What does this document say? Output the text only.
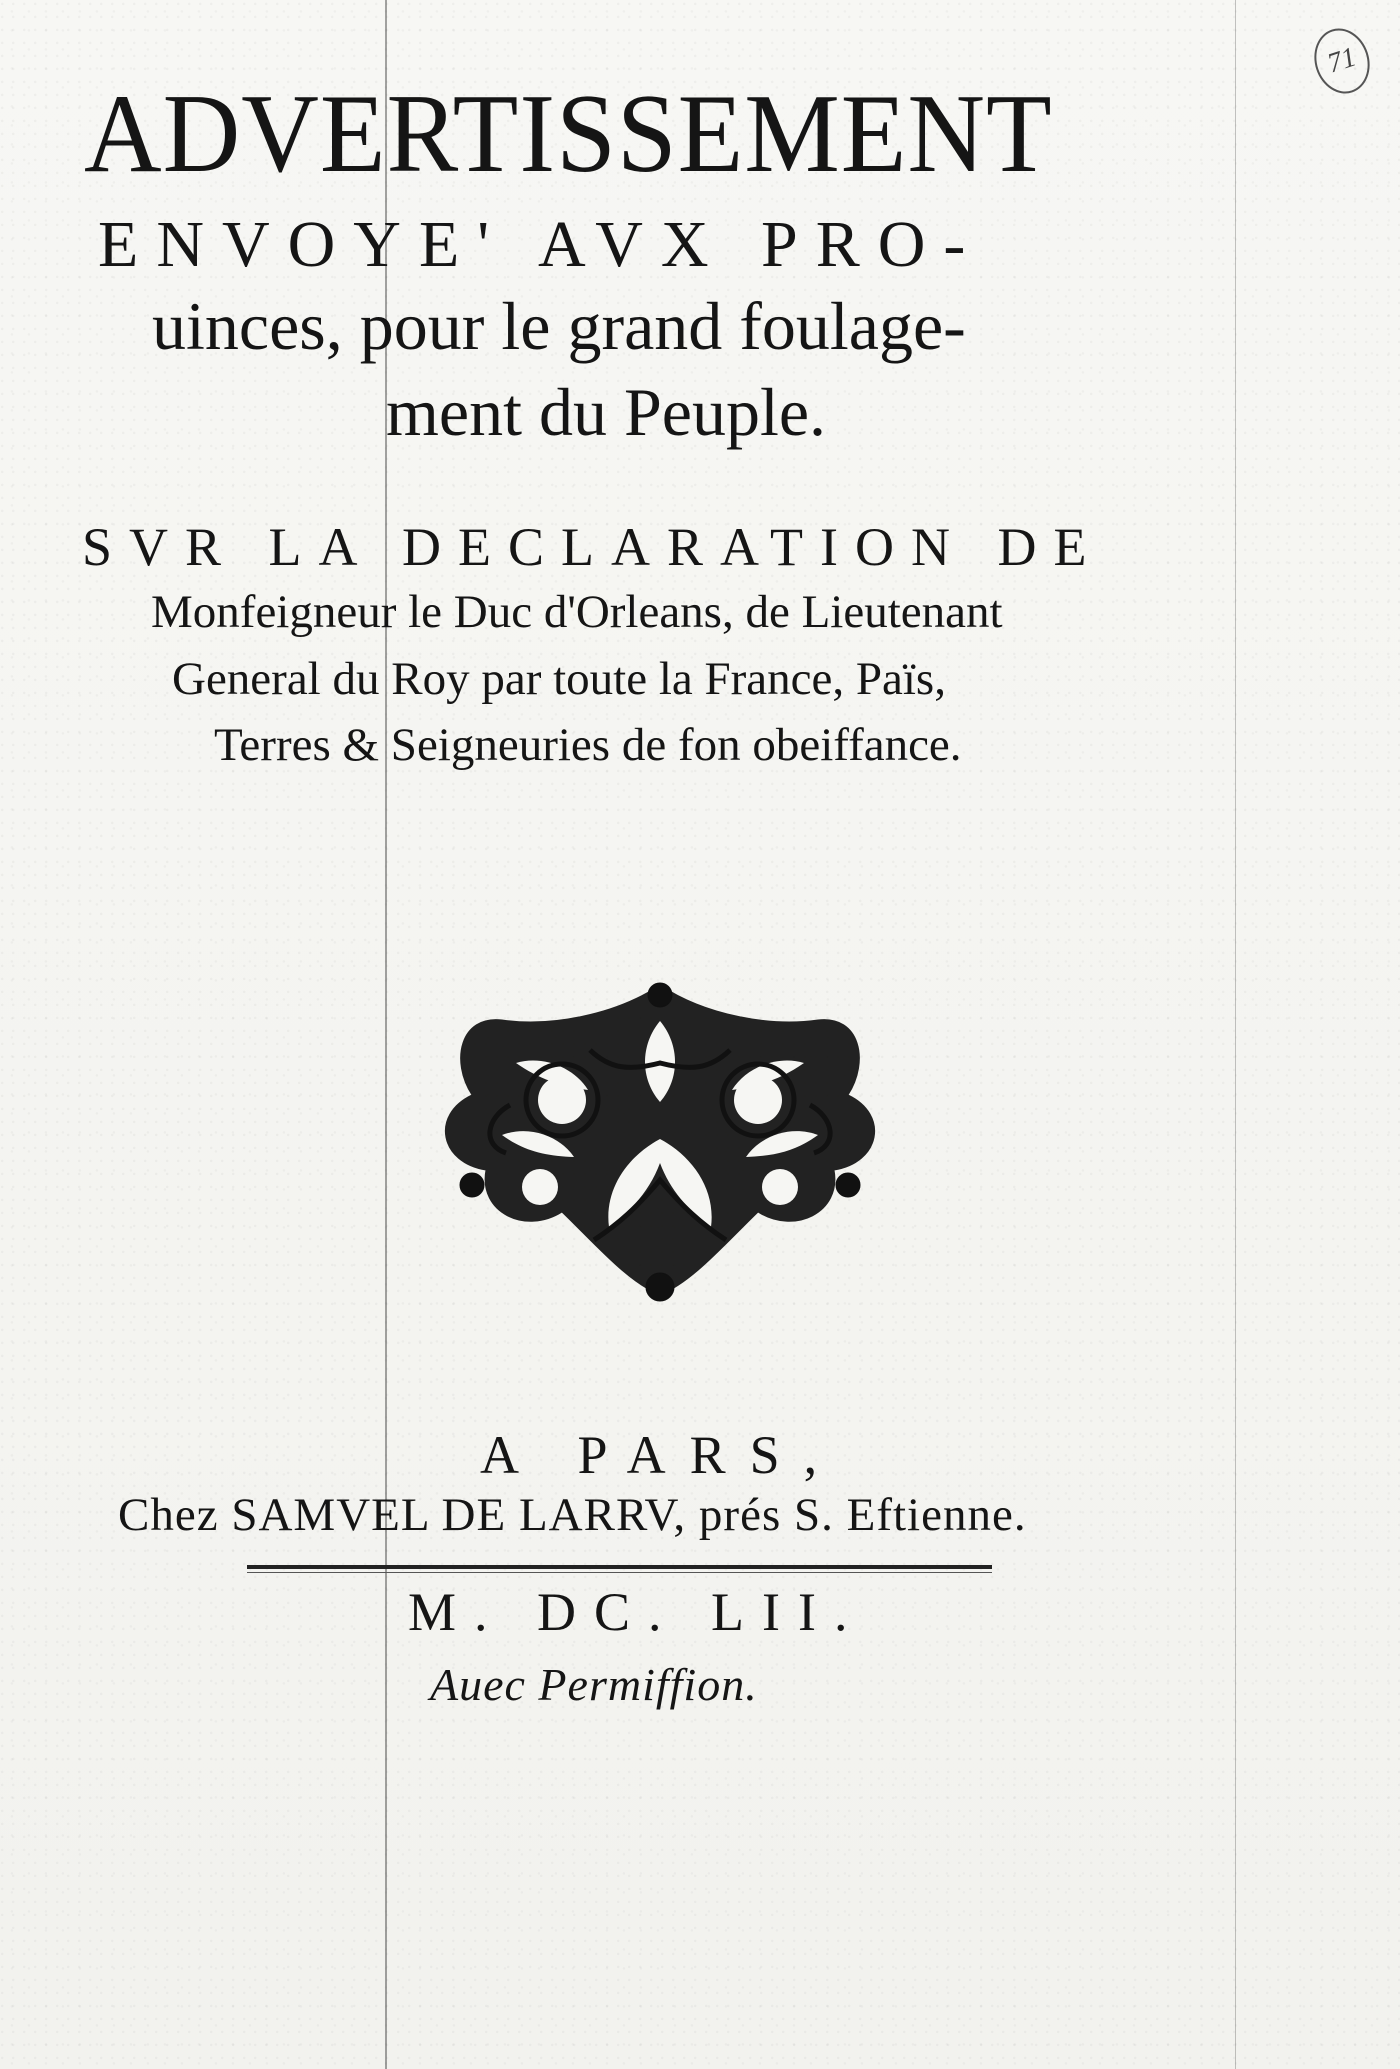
71
ADVERTISSEMENT
ENVOYE' AVX PRO-
uinces, pour le grand foulage-
ment du Peuple.
SVR LA DECLARATION DE
Monfeigneur le Duc d'Orleans, de Lieutenant
General du Roy par toute la France, Païs,
Terres & Seigneuries de fon obeiffance.
A PARS,
Chez SAMVEL DE LARRV, prés S. Eftienne.
M. DC. LII.
Auec Permiffion.
